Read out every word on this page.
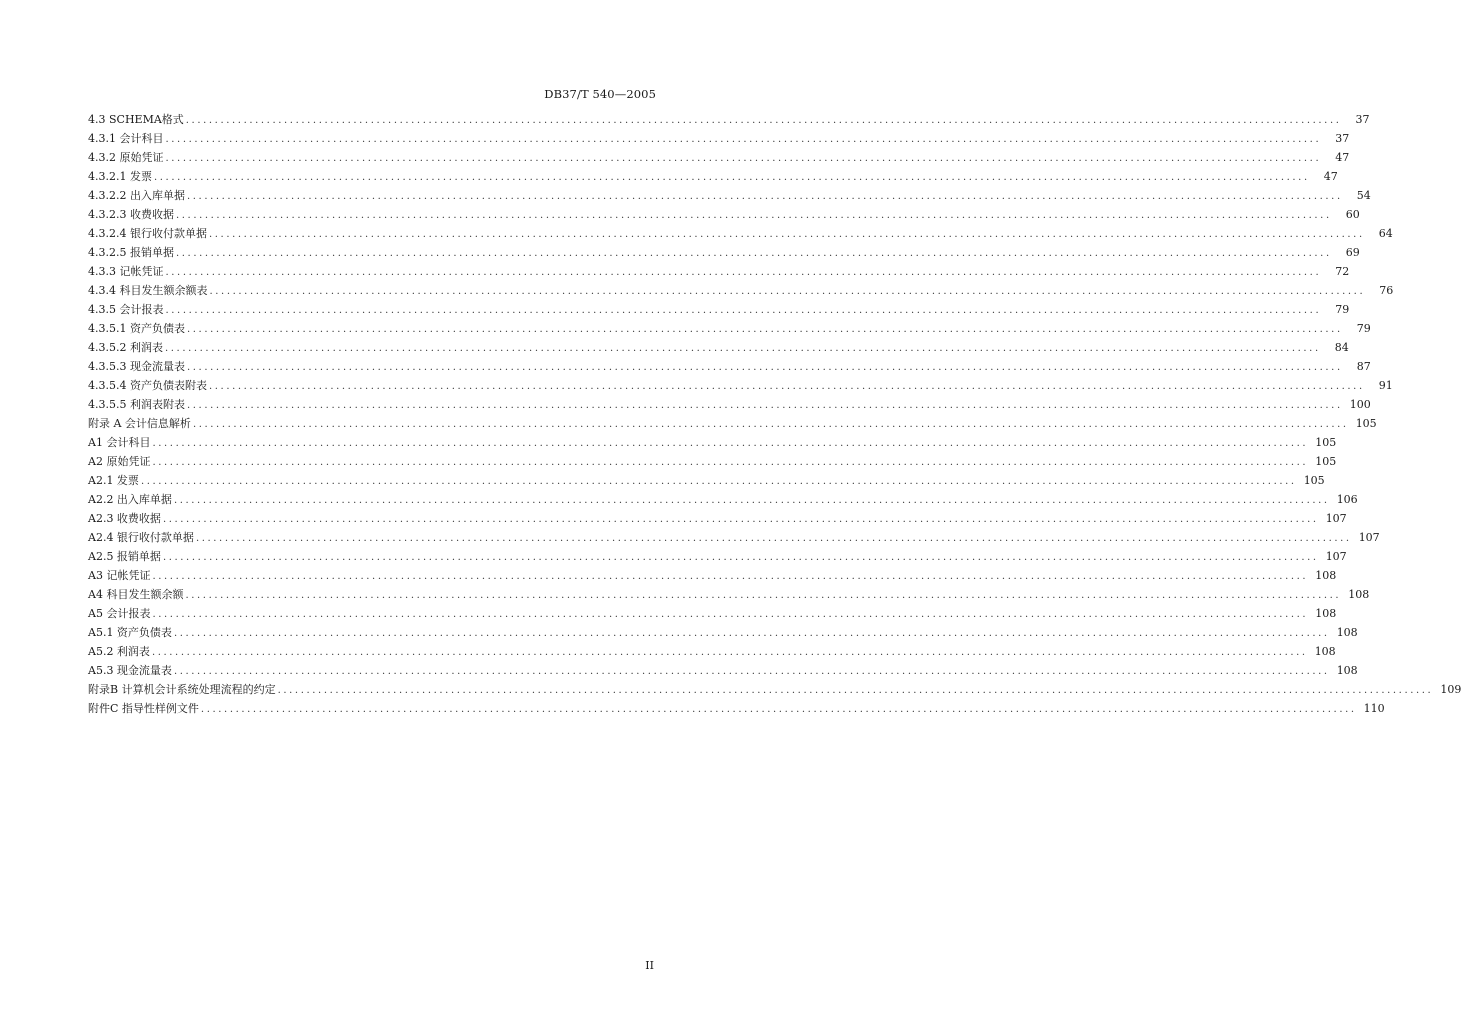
DB37/T 540—2005
4.3 SCHEMA格式 ........................................................................................................................................................................................................	37
4.3.1 会计科目 ........................................................................................................................................................................................................	37
4.3.2 原始凭证 ........................................................................................................................................................................................................	47
4.3.2.1 发票 ........................................................................................................................................................................................................	47
4.3.2.2 出入库单据 ........................................................................................................................................................................................................	54
4.3.2.3 收费收据 ........................................................................................................................................................................................................	60
4.3.2.4 银行收付款单据 ........................................................................................................................................................................................................	64
4.3.2.5 报销单据 ........................................................................................................................................................................................................	69
4.3.3 记帐凭证 ........................................................................................................................................................................................................	72
4.3.4 科目发生额余额表 ........................................................................................................................................................................................................	76
4.3.5 会计报表 ........................................................................................................................................................................................................	79
4.3.5.1 资产负债表 ........................................................................................................................................................................................................	79
4.3.5.2 利润表 ........................................................................................................................................................................................................	84
4.3.5.3 现金流量表 ........................................................................................................................................................................................................	87
4.3.5.4 资产负债表附表 ........................................................................................................................................................................................................	91
4.3.5.5 利润表附表 ........................................................................................................................................................................................................ 100
附录 A 会计信息解析 ........................................................................................................................................................................................................ 105
A1 会计科目 ........................................................................................................................................................................................................ 105
A2 原始凭证 ........................................................................................................................................................................................................ 105
A2.1 发票 ........................................................................................................................................................................................................ 105
A2.2 出入库单据 ........................................................................................................................................................................................................ 106
A2.3 收费收据 ........................................................................................................................................................................................................ 107
A2.4 银行收付款单据 ........................................................................................................................................................................................................ 107
A2.5 报销单据 ........................................................................................................................................................................................................ 107
A3 记帐凭证 ........................................................................................................................................................................................................ 108
A4 科目发生额余额 ........................................................................................................................................................................................................ 108
A5 会计报表 ........................................................................................................................................................................................................ 108
A5.1 资产负债表 ........................................................................................................................................................................................................ 108
A5.2 利润表 ........................................................................................................................................................................................................ 108
A5.3 现金流量表 ........................................................................................................................................................................................................ 108
附录B 计算机会计系统处理流程的约定 ........................................................................................................................................................................................................ 109
附件C 指导性样例文件 ........................................................................................................................................................................................................ 110
II
